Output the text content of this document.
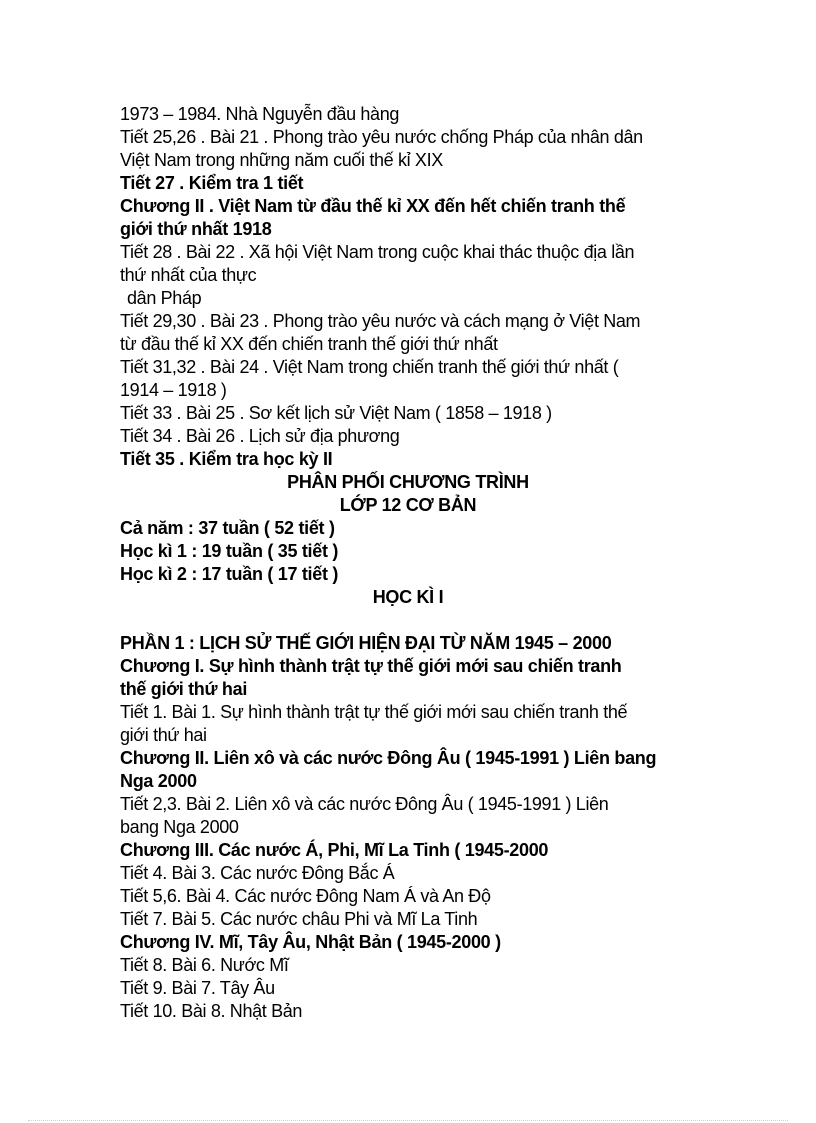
1973 – 1984. Nhà Nguyễn đầu hàng
Tiết 25,26 . Bài 21 . Phong trào yêu nước chống Pháp của nhân dân
Việt Nam trong những năm cuối thế kỉ XIX
Tiết 27 . Kiểm tra 1 tiết
Chương II . Việt Nam từ đầu thế kỉ XX đến hết chiến tranh thế
giới thứ nhất 1918
Tiết 28 . Bài 22 . Xã hội Việt Nam trong cuộc khai thác thuộc địa lần
thứ nhất của thực
dân Pháp
Tiết 29,30 . Bài 23 . Phong trào yêu nước và cách mạng ở Việt Nam
từ đầu thế kỉ XX đến chiến tranh thế giới thứ nhất
Tiết 31,32 . Bài 24 . Việt Nam trong chiến tranh thế giới thứ nhất (
1914 – 1918 )
Tiết 33 . Bài 25 . Sơ kết lịch sử Việt Nam ( 1858 – 1918 )
Tiết 34 . Bài 26 . Lịch sử địa phương
Tiết 35 . Kiểm tra học kỳ II
PHÂN PHỐI CHƯƠNG TRÌNH
LỚP 12 CƠ BẢN
Cả năm : 37 tuần ( 52 tiết )
Học kì 1 : 19 tuần ( 35 tiết )
Học kì 2 : 17 tuần ( 17 tiết )
HỌC KÌ I
PHẦN 1 : LỊCH SỬ THẾ GIỚI HIỆN ĐẠI TỪ NĂM 1945 – 2000
Chương I. Sự hình thành trật tự thế giới mới sau chiến tranh
thế giới thứ hai
Tiết 1. Bài 1. Sự hình thành trật tự thế giới mới sau chiến tranh thế
giới thứ hai
Chương II. Liên xô và các nước Đông Âu ( 1945-1991 ) Liên bang
Nga 2000
Tiết 2,3. Bài 2. Liên xô và các nước Đông Âu ( 1945-1991 ) Liên
bang Nga 2000
Chương III. Các nước Á, Phi, Mĩ La Tinh ( 1945-2000
Tiết 4. Bài 3. Các nước Đông Bắc Á
Tiết 5,6. Bài 4. Các nước Đông Nam Á và An Độ
Tiết 7. Bài 5. Các nước châu Phi và Mĩ La Tinh
Chương IV. Mĩ, Tây Âu, Nhật Bản ( 1945-2000 )
Tiết 8. Bài 6. Nước Mĩ
Tiết 9. Bài 7. Tây Âu
Tiết 10. Bài 8. Nhật Bản
